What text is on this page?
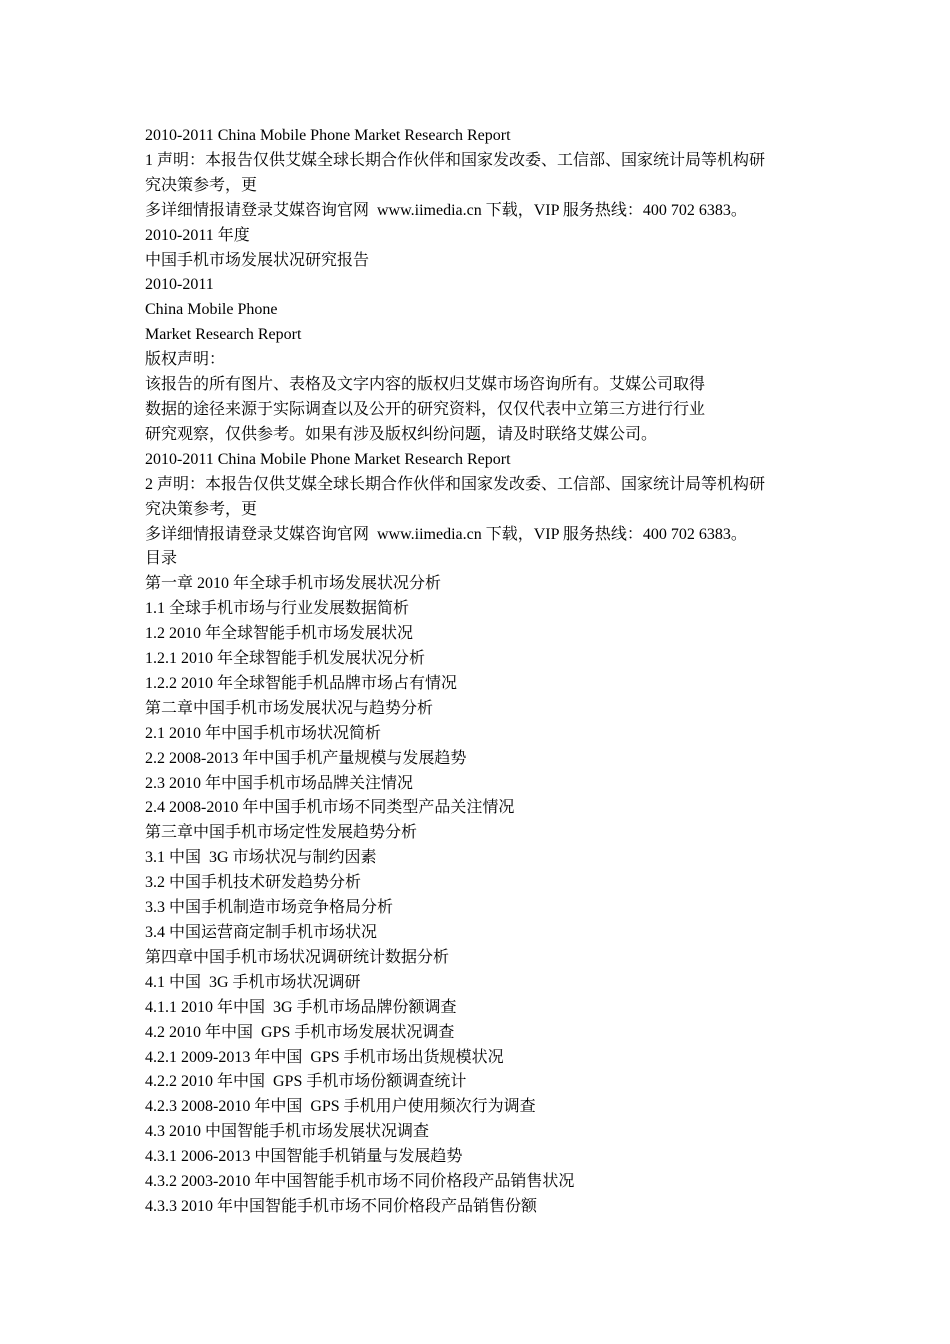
2010-2011 China Mobile Phone Market Research Report

1 声明：本报告仅供艾媒全球长期合作伙伴和国家发改委、工信部、国家统计局等机构研

究决策参考，更

多详细情报请登录艾媒咨询官网  www.iimedia.cn 下载，VIP 服务热线：400 702 6383。

2010-2011 年度

中国手机市场发展状况研究报告

2010-2011

China Mobile Phone

Market Research Report

版权声明：

该报告的所有图片、表格及文字内容的版权归艾媒市场咨询所有。艾媒公司取得

数据的途径来源于实际调查以及公开的研究资料，仅仅代表中立第三方进行行业

研究观察，仅供参考。如果有涉及版权纠纷问题，请及时联络艾媒公司。

2010-2011 China Mobile Phone Market Research Report

2 声明：本报告仅供艾媒全球长期合作伙伴和国家发改委、工信部、国家统计局等机构研

究决策参考，更

多详细情报请登录艾媒咨询官网  www.iimedia.cn 下载，VIP 服务热线：400 702 6383。

目录

第一章 2010 年全球手机市场发展状况分析

1.1 全球手机市场与行业发展数据简析

1.2 2010 年全球智能手机市场发展状况

1.2.1 2010 年全球智能手机发展状况分析

1.2.2 2010 年全球智能手机品牌市场占有情况

第二章中国手机市场发展状况与趋势分析

2.1 2010 年中国手机市场状况简析

2.2 2008-2013 年中国手机产量规模与发展趋势

2.3 2010 年中国手机市场品牌关注情况

2.4 2008-2010 年中国手机市场不同类型产品关注情况

第三章中国手机市场定性发展趋势分析

3.1 中国  3G 市场状况与制约因素

3.2 中国手机技术研发趋势分析

3.3 中国手机制造市场竞争格局分析

3.4 中国运营商定制手机市场状况

第四章中国手机市场状况调研统计数据分析

4.1 中国  3G 手机市场状况调研

4.1.1 2010 年中国  3G 手机市场品牌份额调查

4.2 2010 年中国  GPS 手机市场发展状况调查

4.2.1 2009-2013 年中国  GPS 手机市场出货规模状况

4.2.2 2010 年中国  GPS 手机市场份额调查统计

4.2.3 2008-2010 年中国  GPS 手机用户使用频次行为调查

4.3 2010 中国智能手机市场发展状况调查

4.3.1 2006-2013 中国智能手机销量与发展趋势

4.3.2 2003-2010 年中国智能手机市场不同价格段产品销售状况

4.3.3 2010 年中国智能手机市场不同价格段产品销售份额
